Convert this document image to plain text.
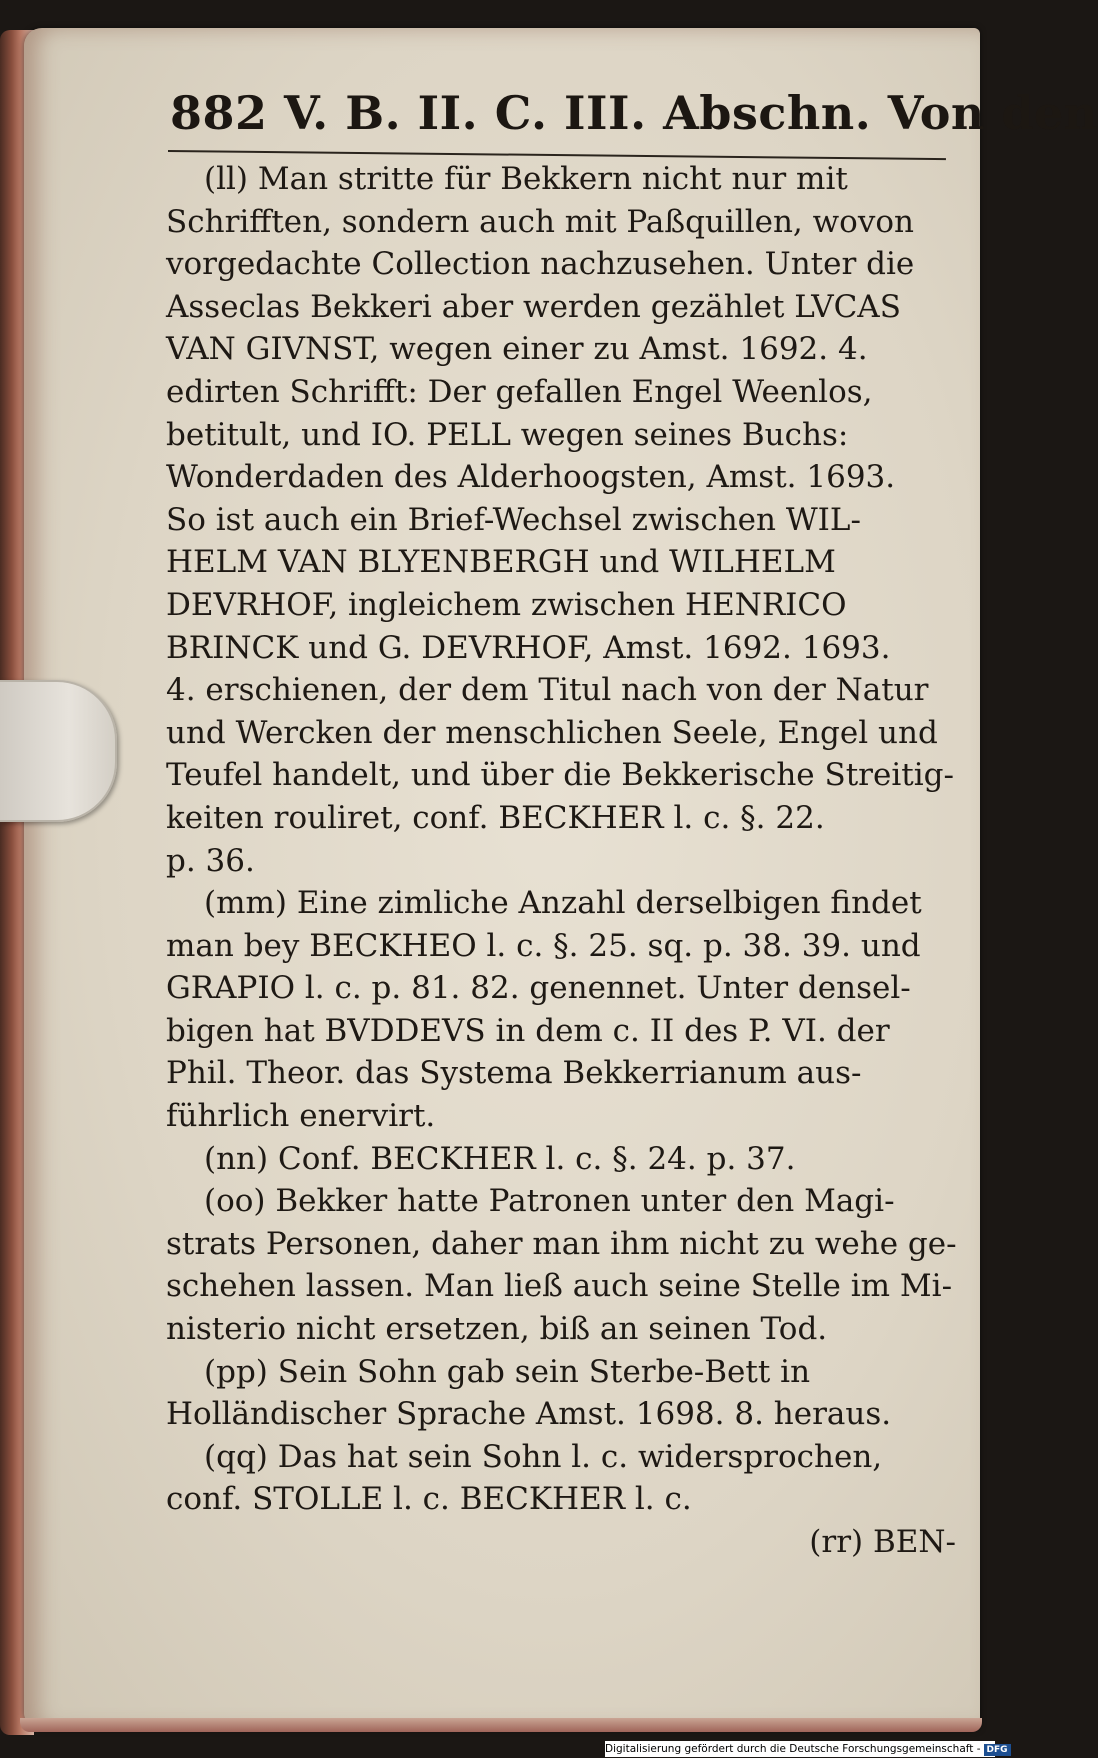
882 V. B. II. C. III. Abschn. Von den
(ll) Man stritte für Bekkern nicht nur mit
Schrifften, sondern auch mit Paßquillen, wovon
vorgedachte Collection nachzusehen. Unter die
Asseclas Bekkeri aber werden gezählet LVCAS
VAN GIVNST, wegen einer zu Amst. 1692. 4.
edirten Schrifft: Der gefallen Engel Weenlos,
betitult, und IO. PELL wegen seines Buchs:
Wonderdaden des Alderhoogsten, Amst. 1693.
So ist auch ein Brief-Wechsel zwischen WIL-
HELM VAN BLYENBERGH und WILHELM
DEVRHOF, ingleichem zwischen HENRICO
BRINCK und G. DEVRHOF, Amst. 1692. 1693.
4. erschienen, der dem Titul nach von der Natur
und Wercken der menschlichen Seele, Engel und
Teufel handelt, und über die Bekkerische Streitig-
keiten rouliret, conf. BECKHER l. c. §. 22.
p. 36.
(mm) Eine zimliche Anzahl derselbigen findet
man bey BECKHEO l. c. §. 25. sq. p. 38. 39. und
GRAPIO l. c. p. 81. 82. genennet. Unter densel-
bigen hat BVDDEVS in dem c. II des P. VI. der
Phil. Theor. das Systema Bekkerrianum aus-
führlich enervirt.
(nn) Conf. BECKHER l. c. §. 24. p. 37.
(oo) Bekker hatte Patronen unter den Magi-
strats Personen, daher man ihm nicht zu wehe ge-
schehen lassen. Man ließ auch seine Stelle im Mi-
nisterio nicht ersetzen, biß an seinen Tod.
(pp) Sein Sohn gab sein Sterbe-Bett in
Holländischer Sprache Amst. 1698. 8. heraus.
(qq) Das hat sein Sohn l. c. widersprochen,
conf. STOLLE l. c. BECKHER l. c.
(rr) BEN-
Digitalisierung gefördert durch die Deutsche Forschungsgemeinschaft - DFG
